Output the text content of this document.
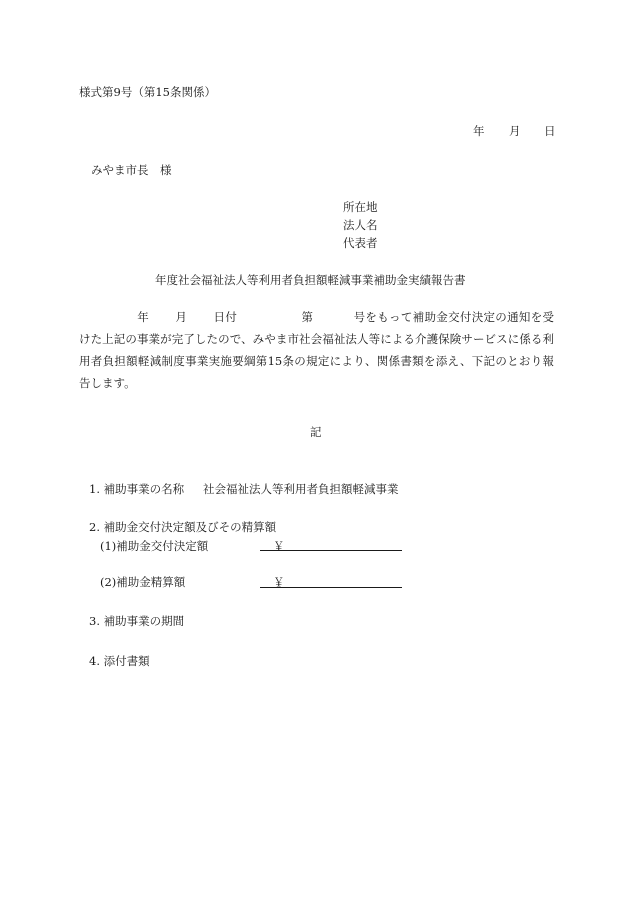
様式第9号（第15条関係）
年 月 日
みやま市長　様
所在地
法人名
代表者
年度社会福祉法人等利用者負担額軽減事業補助金実績報告書
年 月 日付	第	号をもって補助金交付決定の通知を受けた上記の事業が完了したので、みやま市社会福祉法人等による介護保険サービスに係る利用者負担額軽減制度事業実施要綱第15条の規定により、関係書類を添え、下記のとおり報告します。
記
1. 補助事業の名称 社会福祉法人等利用者負担額軽減事業
2. 補助金交付決定額及びその精算額
(1)補助金交付決定額	￥
(2)補助金精算額	￥
3. 補助事業の期間
4. 添付書類
